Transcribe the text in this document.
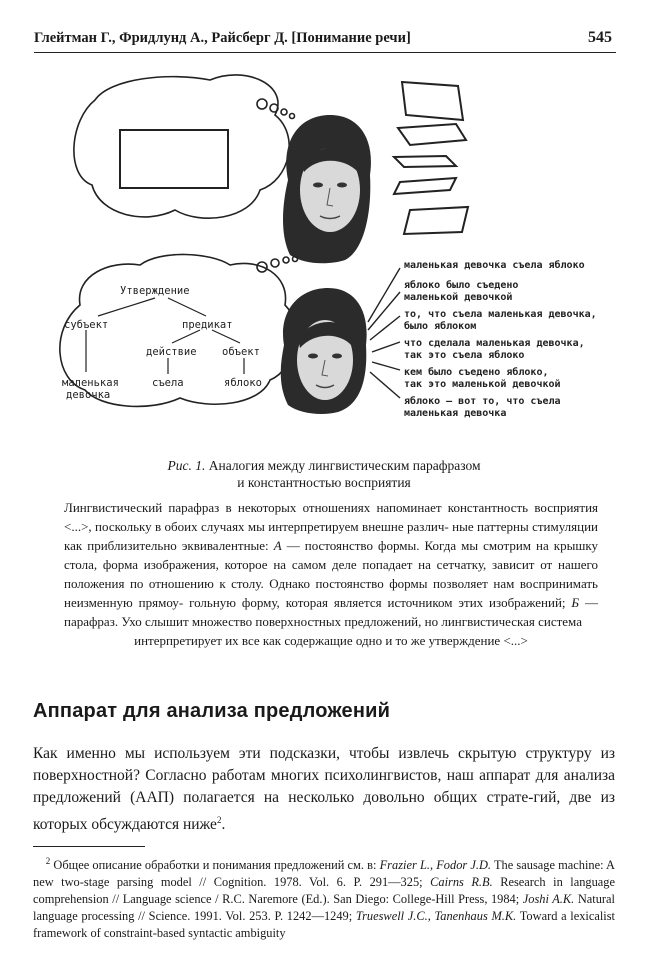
Глейтман Г., Фридлунд А., Райсберг Д. [Понимание речи]	545
Утверждение
субъект	предикат
действие объект
маленькая
девочка
съела	яблоко
маленькая девочка съела яблоко
яблоко было съедено
маленькой девочкой
то, что съела маленькая девочка,
было яблоком
что сделала маленькая девочка,
так это съела яблоко
кем было съедено яблоко,
так это маленькой девочкой
яблоко — вот то, что съела
маленькая девочка
Рис. 1. Аналогия между лингвистическим парафразом
и константностью восприятия
Лингвистический парафраз в некоторых отношениях напоминает константность восприятия <...>, поскольку в обоих случаях мы интерпретируем внешне различ- ные паттерны стимуляции как приблизительно эквивалентные: А — постоянство формы. Когда мы смотрим на крышку стола, форма изображения, которое на самом деле попадает на сетчатку, зависит от нашего положения по отношению к столу. Однако постоянство формы позволяет нам воспринимать неизменную прямоу- гольную форму, которая является источником этих изображений; Б — парафраз. Ухо слышит множество поверхностных предложений, но лингвистическая система
интерпретирует их все как содержащие одно и то же утверждение <...>
Аппарат для анализа предложений
Как именно мы используем эти подсказки, чтобы извлечь скрытую структуру из поверхностной? Согласно работам многих психолингвистов, наш аппарат для анализа предложений (ААП) полагается на несколько довольно общих страте-гий, две из которых обсуждаются ниже$^2$.
$^2$ Общее описание обработки и понимания предложений см. в: Frazier L., Fodor J.D. The sausage machine: A new two-stage parsing model // Cognition. 1978. Vol. 6. P. 291—325; Cairns R.B. Research in language comprehension // Language science / R.C. Naremore (Ed.). San Diego: College-Hill Press, 1984; Joshi A.K. Natural language processing // Science. 1991. Vol. 253. P. 1242—1249; Trueswell J.C., Tanenhaus M.K. Toward a lexicalist framework of constraint-based syntactic ambiguity
